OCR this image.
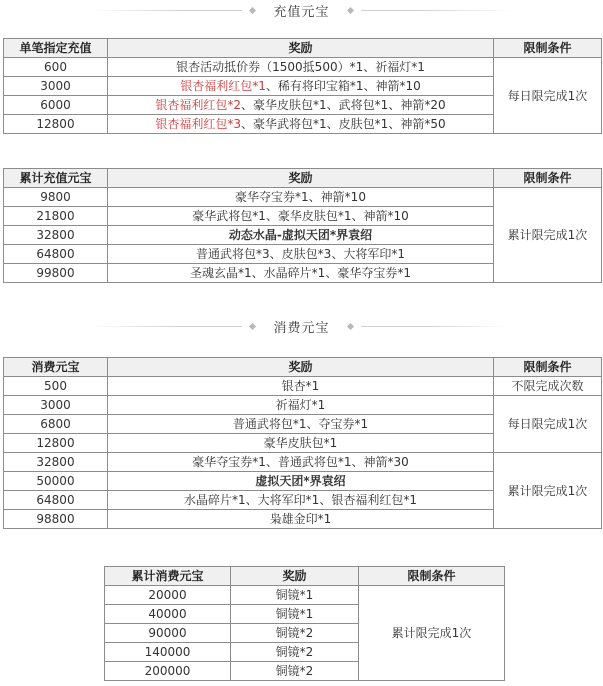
充值元宝
单笔指定充值	奖励	限制条件
600	银杏活动抵价券（1500抵500）*1、祈福灯*1	每日限完成1次
3000	银杏福利红包*1、稀有将印宝箱*1、神箭*10	
6000	银杏福利红包*2、豪华皮肤包*1、武将包*1、神箭*20	
12800	银杏福利红包*3、豪华武将包*1、皮肤包*1、神箭*50	
累计充值元宝	奖励	限制条件
9800	豪华夺宝券*1、神箭*10	累计限完成1次
21800	豪华武将包*1、豪华皮肤包*1、神箭*10	
32800	动态水晶-虚拟天团*界袁绍	
64800	普通武将包*3、皮肤包*3、大将军印*1	
99800	圣魂玄晶*1、水晶碎片*1、豪华夺宝券*1	
消费元宝
消费元宝	奖励	限制条件
500	银杏*1	不限完成次数
3000	祈福灯*1	每日限完成1次
6800	普通武将包*1、夺宝券*1	
12800	豪华皮肤包*1	
32800	豪华夺宝券*1、普通武将包*1、神箭*30	累计限完成1次
50000	虚拟天团*界袁绍	
64800	水晶碎片*1、大将军印*1、银杏福利红包*1	
98800	枭雄金印*1	
累计消费元宝	奖励	限制条件
20000	铜镜*1	累计限完成1次
40000	铜镜*1	
90000	铜镜*2	
140000	铜镜*2	
200000	铜镜*2	
